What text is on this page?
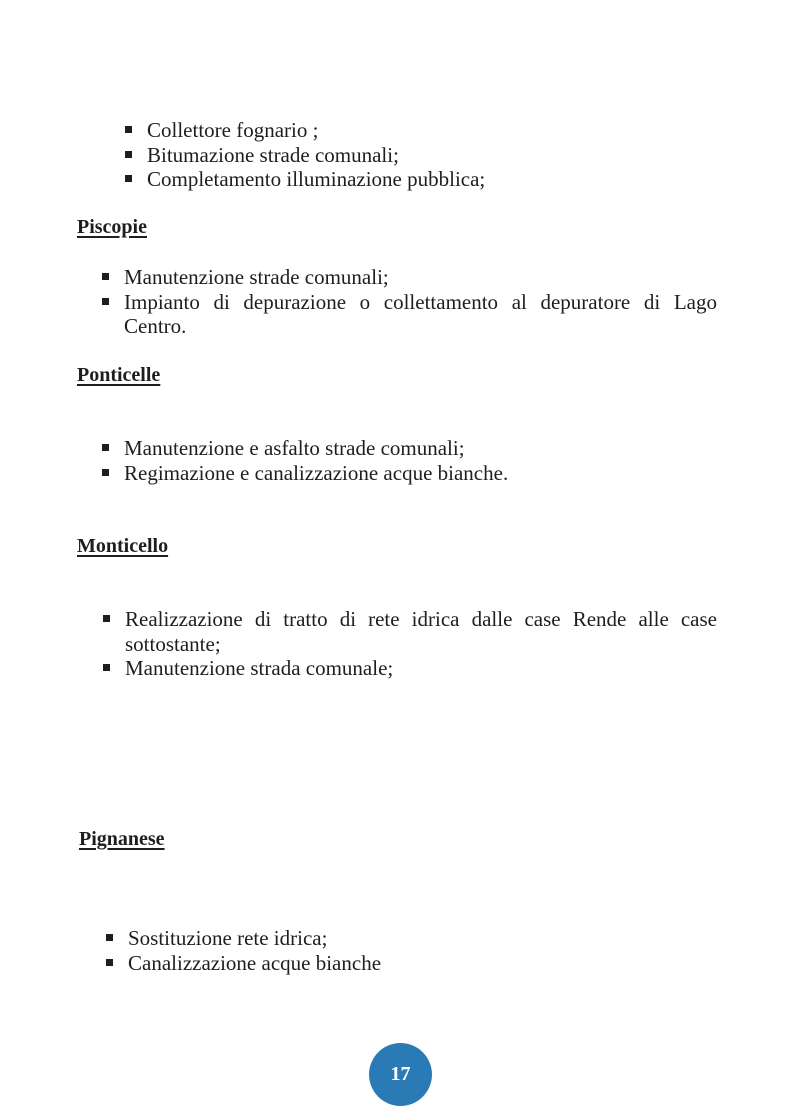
Collettore fognario ;
Bitumazione strade comunali;
Completamento illuminazione pubblica;
Piscopie
Manutenzione strade comunali;
Impianto di depurazione o collettamento al depuratore di Lago Centro.
Ponticelle
Manutenzione e asfalto strade comunali;
Regimazione e canalizzazione acque bianche.
Monticello
Realizzazione di tratto di rete idrica dalle case Rende alle case sottostante;
Manutenzione strada comunale;
Pignanese
Sostituzione rete idrica;
Canalizzazione acque bianche
17
